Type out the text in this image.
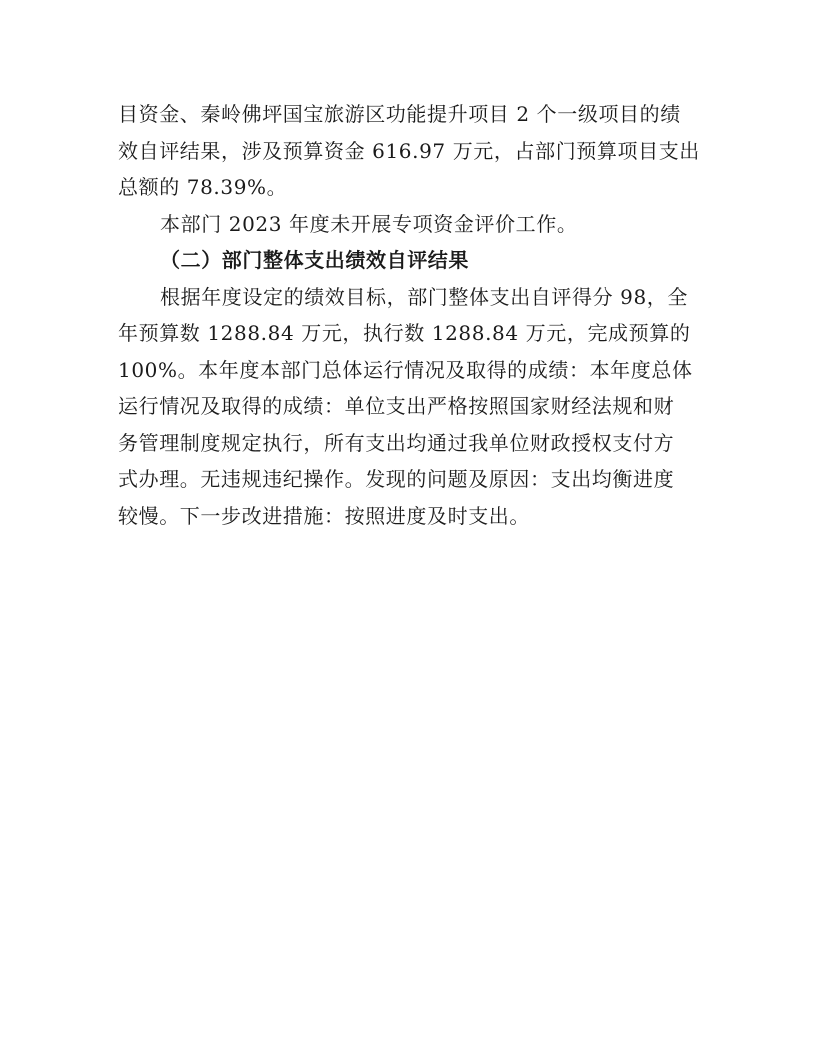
目资金、秦岭佛坪国宝旅游区功能提升项目 2 个一级项目的绩
效自评结果，涉及预算资金 616.97 万元，占部门预算项目支出
总额的 78.39%。

本部门 2023 年度未开展专项资金评价工作。

（二）部门整体支出绩效自评结果

根据年度设定的绩效目标，部门整体支出自评得分 98，全
年预算数 1288.84 万元，执行数 1288.84 万元，完成预算的
100%。本年度本部门总体运行情况及取得的成绩：本年度总体
运行情况及取得的成绩：单位支出严格按照国家财经法规和财
务管理制度规定执行，所有支出均通过我单位财政授权支付方
式办理。无违规违纪操作。发现的问题及原因：支出均衡进度
较慢。下一步改进措施：按照进度及时支出。
